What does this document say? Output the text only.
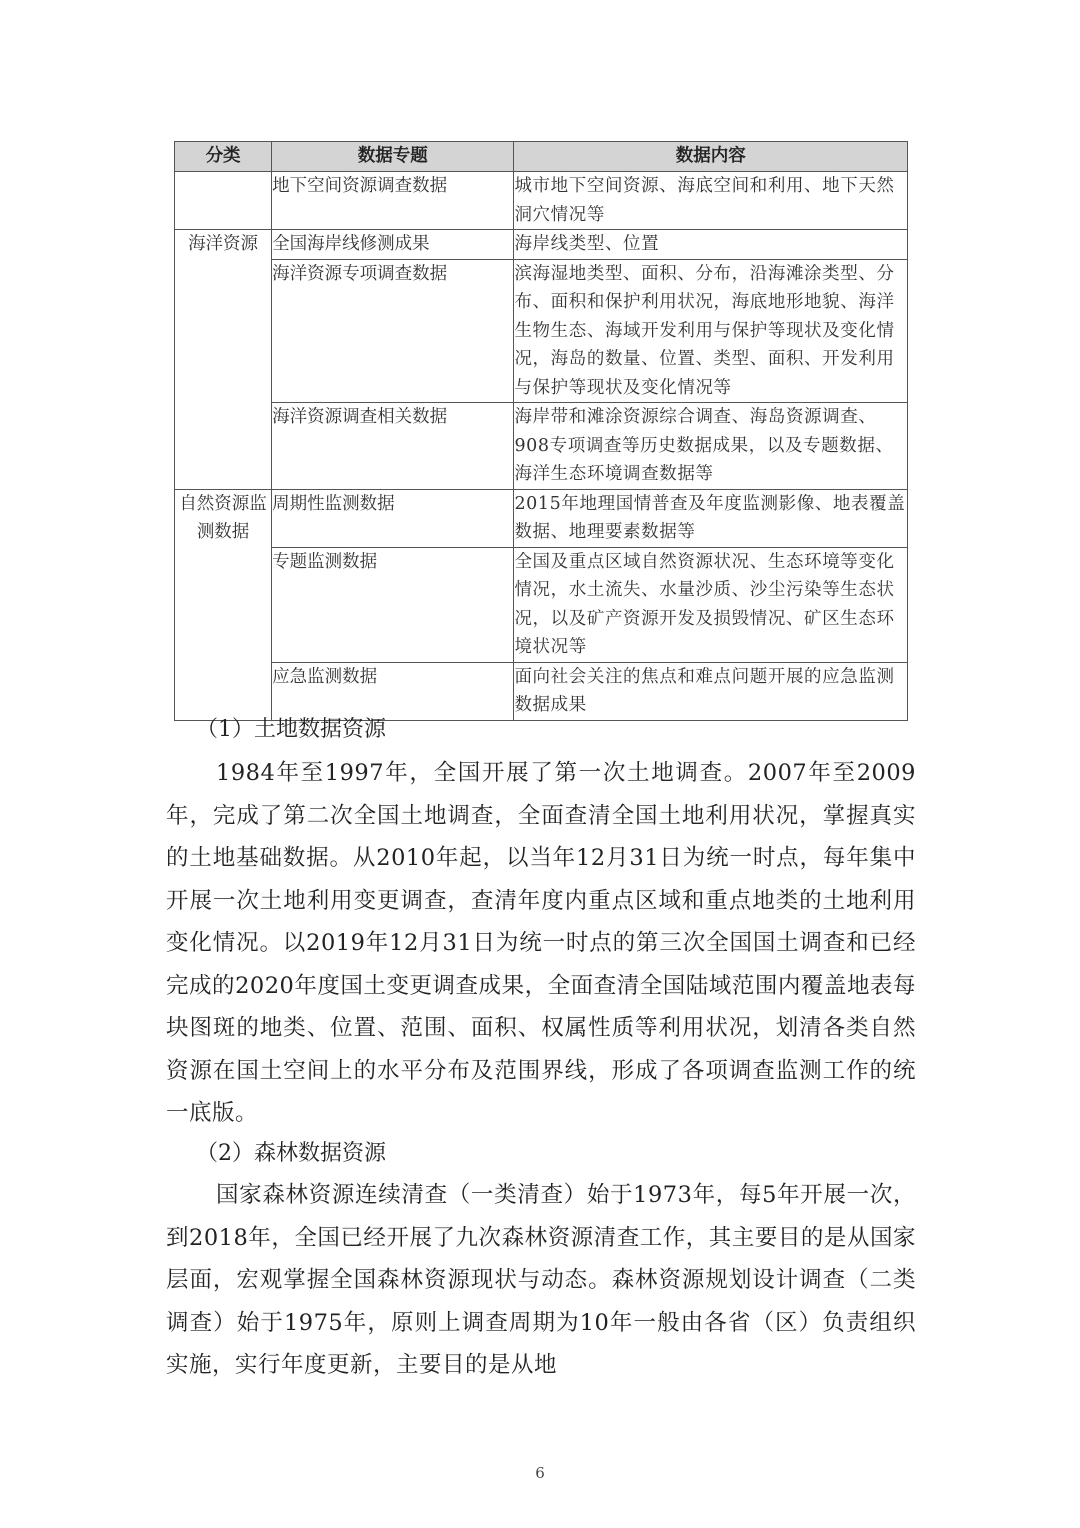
分类	数据专题	数据内容
	地下空间资源调查数据	城市地下空间资源、海底空间和利用、地下天然洞穴情况等
海洋资源	全国海岸线修测成果	海岸线类型、位置
	海洋资源专项调查数据	滨海湿地类型、面积、分布，沿海滩涂类型、分布、面积和保护利用状况，海底地形地貌、海洋生物生态、海域开发利用与保护等现状及变化情况，海岛的数量、位置、类型、面积、开发利用与保护等现状及变化情况等
	海洋资源调查相关数据	海岸带和滩涂资源综合调查、海岛资源调查、908专项调查等历史数据成果，以及专题数据、海洋生态环境调查数据等
自然资源监测数据	周期性监测数据	2015年地理国情普查及年度监测影像、地表覆盖数据、地理要素数据等
	专题监测数据	全国及重点区域自然资源状况、生态环境等变化情况，水土流失、水量沙质、沙尘污染等生态状况，以及矿产资源开发及损毁情况、矿区生态环境状况等
	应急监测数据	面向社会关注的焦点和难点问题开展的应急监测数据成果
（1）土地数据资源

1984年至1997年，全国开展了第一次土地调查。2007年至2009年，完成了第二次全国土地调查，全面查清全国土地利用状况，掌握真实的土地基础数据。从2010年起，以当年12月31日为统一时点，每年集中开展一次土地利用变更调查，查清年度内重点区域和重点地类的土地利用变化情况。以2019年12月31日为统一时点的第三次全国国土调查和已经完成的2020年度国土变更调查成果，全面查清全国陆域范围内覆盖地表每块图斑的地类、位置、范围、面积、权属性质等利用状况，划清各类自然资源在国土空间上的水平分布及范围界线，形成了各项调查监测工作的统一底版。

（2）森林数据资源

国家森林资源连续清查（一类清查）始于1973年，每5年开展一次，到2018年，全国已经开展了九次森林资源清查工作，其主要目的是从国家层面，宏观掌握全国森林资源现状与动态。森林资源规划设计调查（二类调查）始于1975年，原则上调查周期为10年一般由各省（区）负责组织实施，实行年度更新，主要目的是从地

6
